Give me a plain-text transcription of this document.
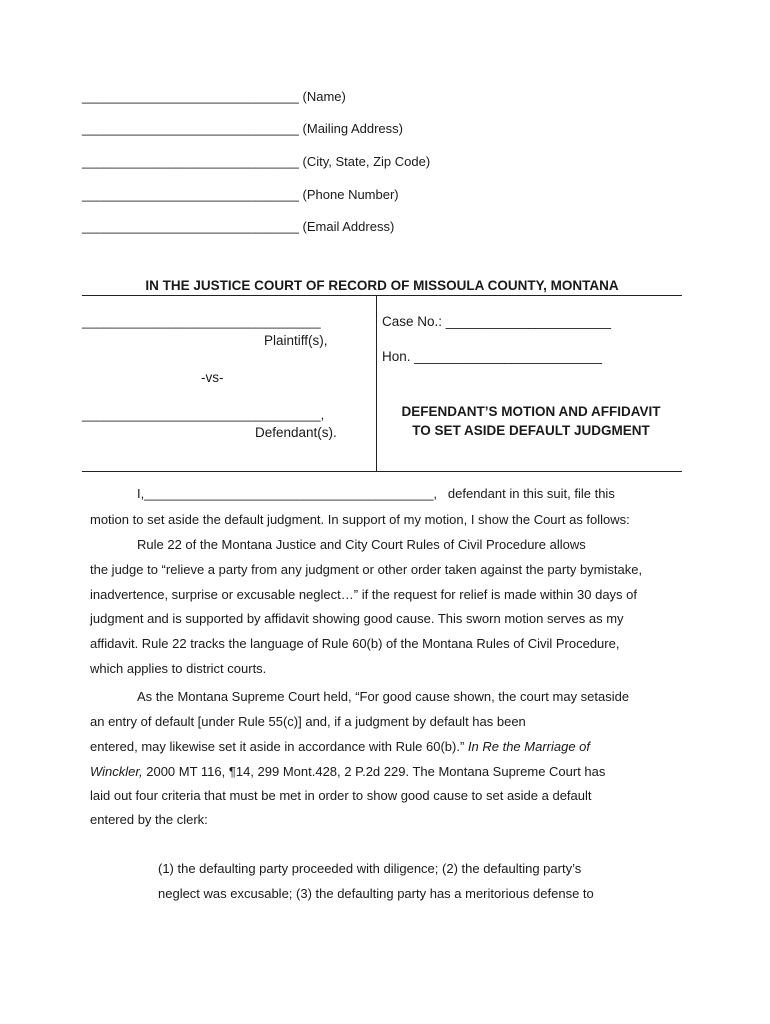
______________________________ (Name)
______________________________ (Mailing Address)
______________________________ (City, State, Zip Code)
______________________________ (Phone Number)
______________________________ (Email Address)
IN THE JUSTICE COURT OF RECORD OF MISSOULA COUNTY, MONTANA
_________________________________
Plaintiff(s),
-vs-
_________________________________,
Defendant(s).
Case No.: ______________________
Hon. _________________________
DEFENDANT’S MOTION AND AFFIDAVIT
TO SET ASIDE DEFAULT JUDGMENT
I,________________________________________, defendant in this suit, file this
motion to set aside the default judgment. In support of my motion, I show the Court as follows:
Rule 22 of the Montana Justice and City Court Rules of Civil Procedure allows
the judge to “relieve a party from any judgment or other order taken against the party bymistake,
inadvertence, surprise or excusable neglect…” if the request for relief is made within 30 days of
judgment and is supported by affidavit showing good cause. This sworn motion serves as my
affidavit. Rule 22 tracks the language of Rule 60(b) of the Montana Rules of Civil Procedure,
which applies to district courts.
As the Montana Supreme Court held, “For good cause shown, the court may setaside
an entry of default [under Rule 55(c)] and, if a judgment by default has been
entered, may likewise set it aside in accordance with Rule 60(b).” In Re the Marriage of
Winckler, 2000 MT 116, ¶14, 299 Mont.428, 2 P.2d 229. The Montana Supreme Court has
laid out four criteria that must be met in order to show good cause to set aside a default
entered by the clerk:
(1) the defaulting party proceeded with diligence; (2) the defaulting party’s
neglect was excusable; (3) the defaulting party has a meritorious defense to
